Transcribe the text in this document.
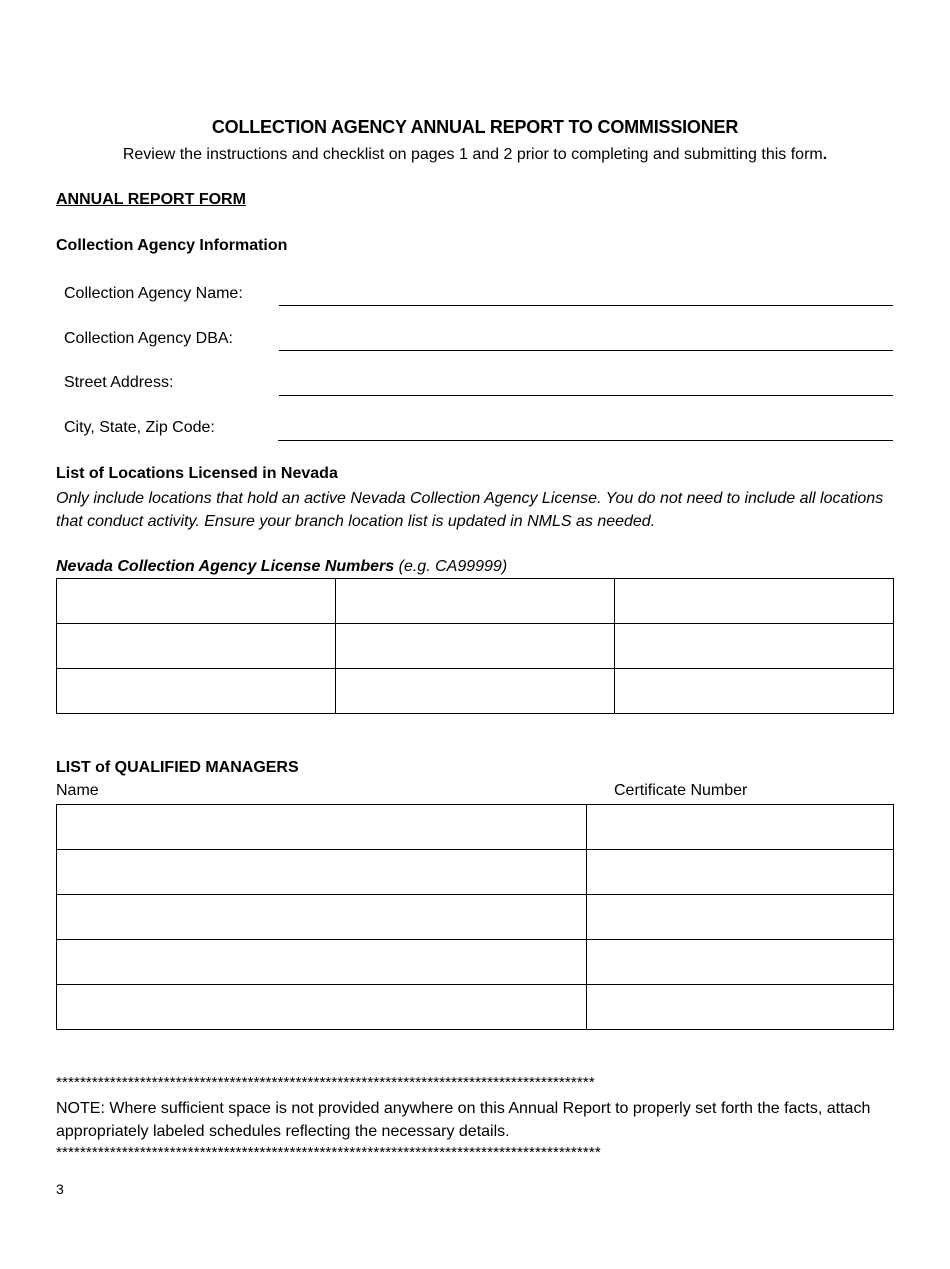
COLLECTION AGENCY ANNUAL REPORT TO COMMISSIONER
Review the instructions and checklist on pages 1 and 2 prior to completing and submitting this form.
ANNUAL REPORT FORM
Collection Agency Information
Collection Agency Name:
Collection Agency DBA:
Street Address:
City, State, Zip Code:
List of Locations Licensed in Nevada
Only include locations that hold an active Nevada Collection Agency License. You do not need to include all locations that conduct activity. Ensure your branch location list is updated in NMLS as needed.
Nevada Collection Agency License Numbers (e.g. CA99999)

LIST of QUALIFIED MANAGERS
Name	Certificate Number

******************************************************************************************
NOTE: Where sufficient space is not provided anywhere on this Annual Report to properly set forth the facts, attach appropriately labeled schedules reflecting the necessary details.
*******************************************************************************************
3
